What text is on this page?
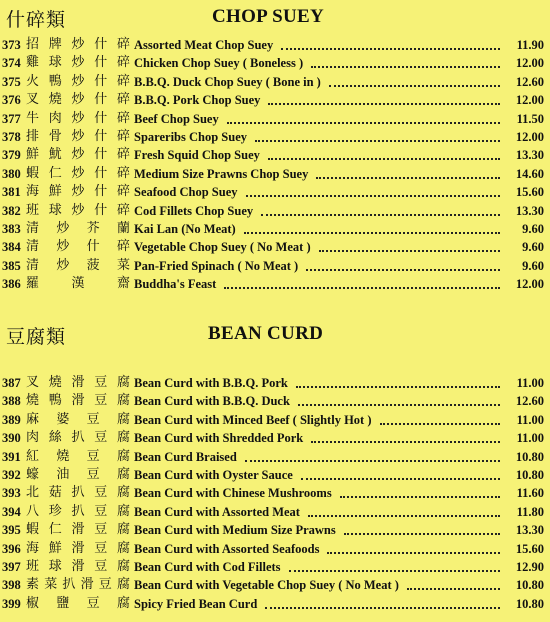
什碎類	CHOP SUEY
373 招 牌 炒 什 碎 Assorted Meat Chop Suey	11.90
374 雞 球 炒 什 碎 Chicken Chop Suey ( Boneless )	12.00
375 火 鴨 炒 什 碎 B.B.Q. Duck Chop Suey ( Bone in )	12.60
376 叉 燒 炒 什 碎 B.B.Q. Pork Chop Suey	12.00
377 牛 肉 炒 什 碎 Beef Chop Suey	11.50
378 排 骨 炒 什 碎 Spareribs Chop Suey	12.00
379 鮮 魷 炒 什 碎 Fresh Squid Chop Suey	13.30
380 蝦 仁 炒 什 碎 Medium Size Prawns Chop Suey	14.60
381 海 鮮 炒 什 碎 Seafood Chop Suey	15.60
382 班 球 炒 什 碎 Cod Fillets Chop Suey	13.30
383 清 炒 芥 蘭 Kai Lan (No Meat)	9.60
384 清 炒 什 碎 Vegetable Chop Suey ( No Meat )	9.60
385 清 炒 菠 菜 Pan-Fried Spinach ( No Meat )	9.60
386 羅 漢 齋 Buddha's Feast	12.00
豆腐類	BEAN CURD
387 叉 燒 滑 豆 腐 Bean Curd with B.B.Q. Pork	11.00
388 燒 鴨 滑 豆 腐 Bean Curd with B.B.Q. Duck	12.60
389 麻 婆 豆 腐 Bean Curd with Minced Beef ( Slightly Hot )	11.00
390 肉 絲 扒 豆 腐 Bean Curd with Shredded Pork	11.00
391 紅 燒 豆 腐 Bean Curd Braised	10.80
392 蠔 油 豆 腐 Bean Curd with Oyster Sauce	10.80
393 北 菇 扒 豆 腐 Bean Curd with Chinese Mushrooms	11.60
394 八 珍 扒 豆 腐 Bean Curd with Assorted Meat	11.80
395 蝦 仁 滑 豆 腐 Bean Curd with Medium Size Prawns	13.30
396 海 鮮 滑 豆 腐 Bean Curd with Assorted Seafoods	15.60
397 班 球 滑 豆 腐 Bean Curd with Cod Fillets	12.90
398 素 菜 扒 滑 豆 腐 Bean Curd with Vegetable Chop Suey ( No Meat )	10.80
399 椒 鹽 豆 腐 Spicy Fried Bean Curd	10.80
